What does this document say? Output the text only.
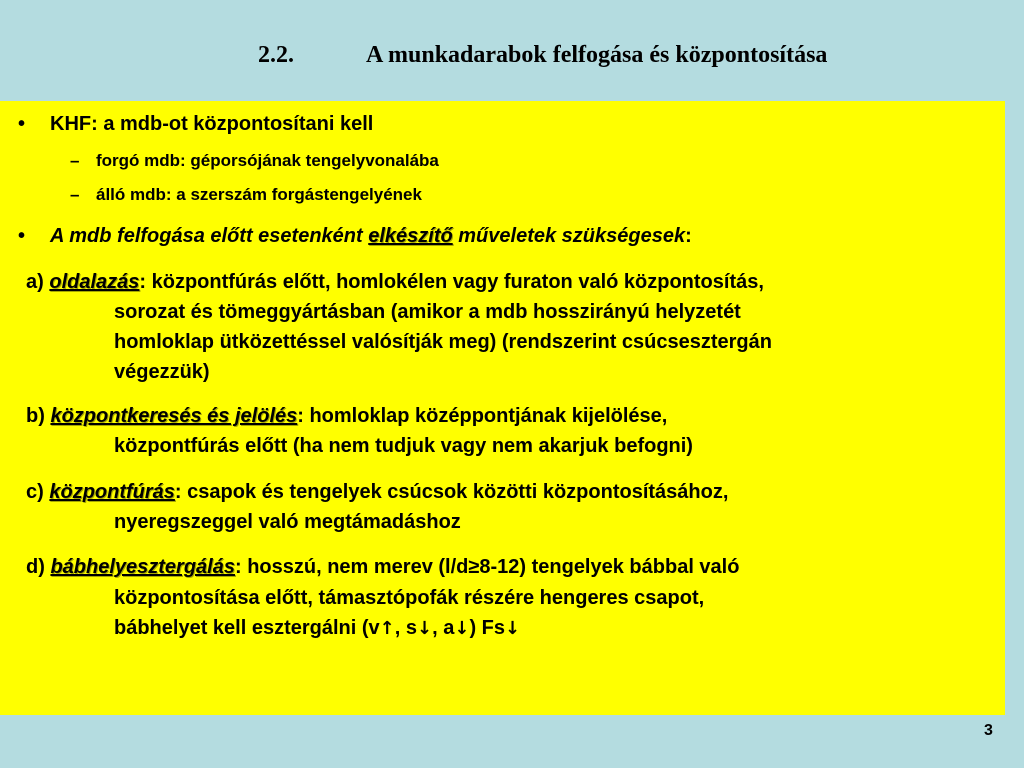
2.2.	A munkadarabok felfogása és központosítása
• KHF: a mdb-ot központosítani kell
– forgó mdb: géporsójának tengelyvonalába
– álló mdb: a szerszám forgástengelyének
• A mdb felfogása előtt esetenként elkészítő műveletek szükségesek:
a) oldalazás: központfúrás előtt, homlokélen vagy furaton való központosítás,
sorozat és tömeggyártásban (amikor a mdb hosszirányú helyzetét
homloklap ütközettéssel valósítják meg) (rendszerint csúcsesztergán
végezzük)
b) központkeresés és jelölés: homloklap középpontjának kijelölése,
központfúrás előtt (ha nem tudjuk vagy nem akarjuk befogni)
c) központfúrás: csapok és tengelyek csúcsok közötti központosításához,
nyeregszeggel való megtámadáshoz
d) bábhelyesztergálás: hosszú, nem merev (l/d≥8-12) tengelyek bábbal való
központosítása előtt, támasztópofák részére hengeres csapot,
bábhelyet kell esztergálni (v↑, s↓, a↓) Fs↓
3
